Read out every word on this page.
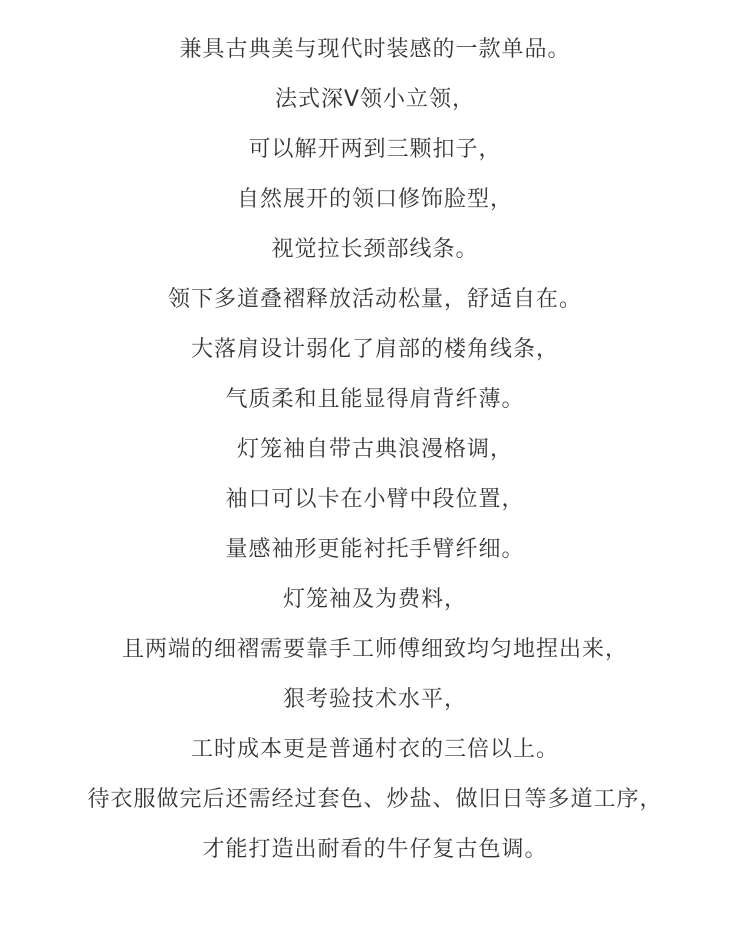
兼具古典美与现代时装感的一款单品。
法式深V领小立领，
可以解开两到三颗扣子，
自然展开的领口修饰脸型，
视觉拉长颈部线条。
领下多道叠褶释放活动松量，舒适自在。
大落肩设计弱化了肩部的楼角线条，
气质柔和且能显得肩背纤薄。
灯笼袖自带古典浪漫格调，
袖口可以卡在小臂中段位置，
量感袖形更能衬托手臂纤细。
灯笼袖及为费料，
且两端的细褶需要靠手工师傅细致均匀地捏出来，
狠考验技术水平，
工时成本更是普通村衣的三倍以上。
待衣服做完后还需经过套色、炒盐、做旧日等多道工序，
才能打造出耐看的牛仔复古色调。
